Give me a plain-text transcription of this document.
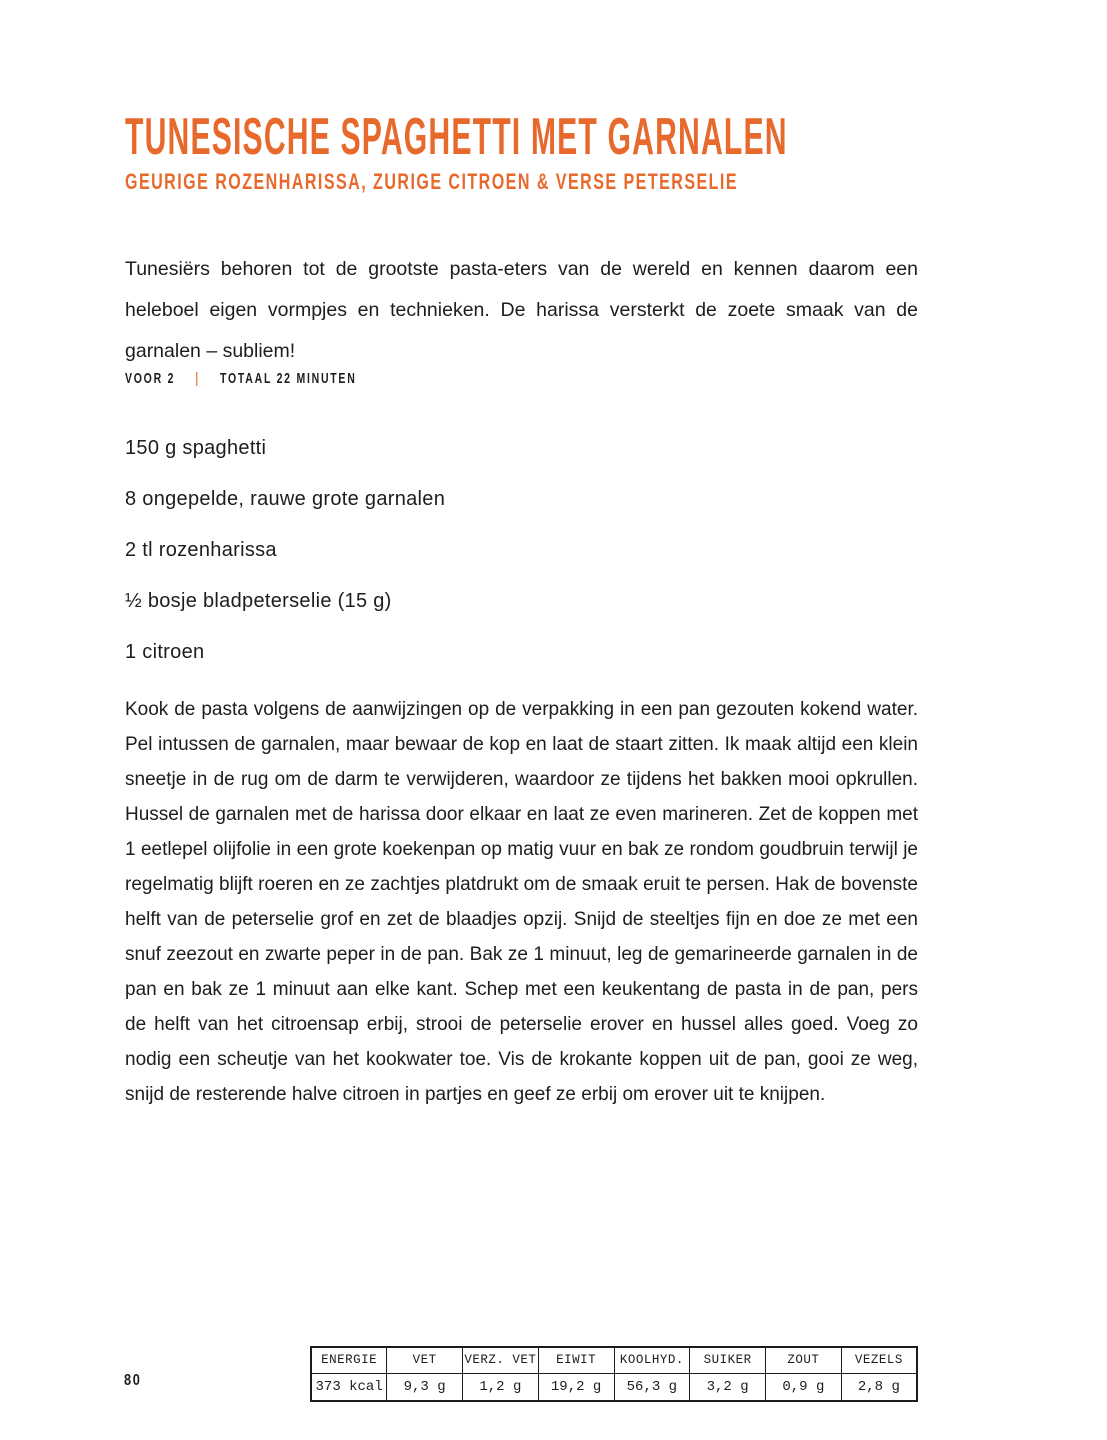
TUNESISCHE SPAGHETTI MET GARNALEN
GEURIGE ROZENHARISSA, ZURIGE CITROEN & VERSE PETERSELIE

Tunesiërs behoren tot de grootste pasta-eters van de wereld en kennen daarom een heleboel eigen vormpjes en technieken. De harissa versterkt de zoete smaak van de garnalen – subliem!

VOOR 2 | TOTAAL 22 MINUTEN
150 g spaghetti
8 ongepelde, rauwe grote garnalen
2 tl rozenharissa
½ bosje bladpeterselie (15 g)
1 citroen

Kook de pasta volgens de aanwijzingen op de verpakking in een pan gezouten kokend water. Pel intussen de garnalen, maar bewaar de kop en laat de staart zitten. Ik maak altijd een klein sneetje in de rug om de darm te verwijderen, waardoor ze tijdens het bakken mooi opkrullen. Hussel de garnalen met de harissa door elkaar en laat ze even marineren. Zet de koppen met 1 eetlepel olijfolie in een grote koekenpan op matig vuur en bak ze rondom goudbruin terwijl je regelmatig blijft roeren en ze zachtjes platdrukt om de smaak eruit te persen. Hak de bovenste helft van de peterselie grof en zet de blaadjes opzij. Snijd de steeltjes fijn en doe ze met een snuf zeezout en zwarte peper in de pan. Bak ze 1 minuut, leg de gemarineerde garnalen in de pan en bak ze 1 minuut aan elke kant. Schep met een keukentang de pasta in de pan, pers de helft van het citroensap erbij, strooi de peterselie erover en hussel alles goed. Voeg zo nodig een scheutje van het kookwater toe. Vis de krokante koppen uit de pan, gooi ze weg, snijd de resterende halve citroen in partjes en geef ze erbij om erover uit te knijpen.

ENERGIE	VET	VERZ. VET	EIWIT	KOOLHYD.	SUIKER	ZOUT	VEZELS
373 kcal	9,3 g	1,2 g	19,2 g	56,3 g	3,2 g	0,9 g	2,8 g
80
